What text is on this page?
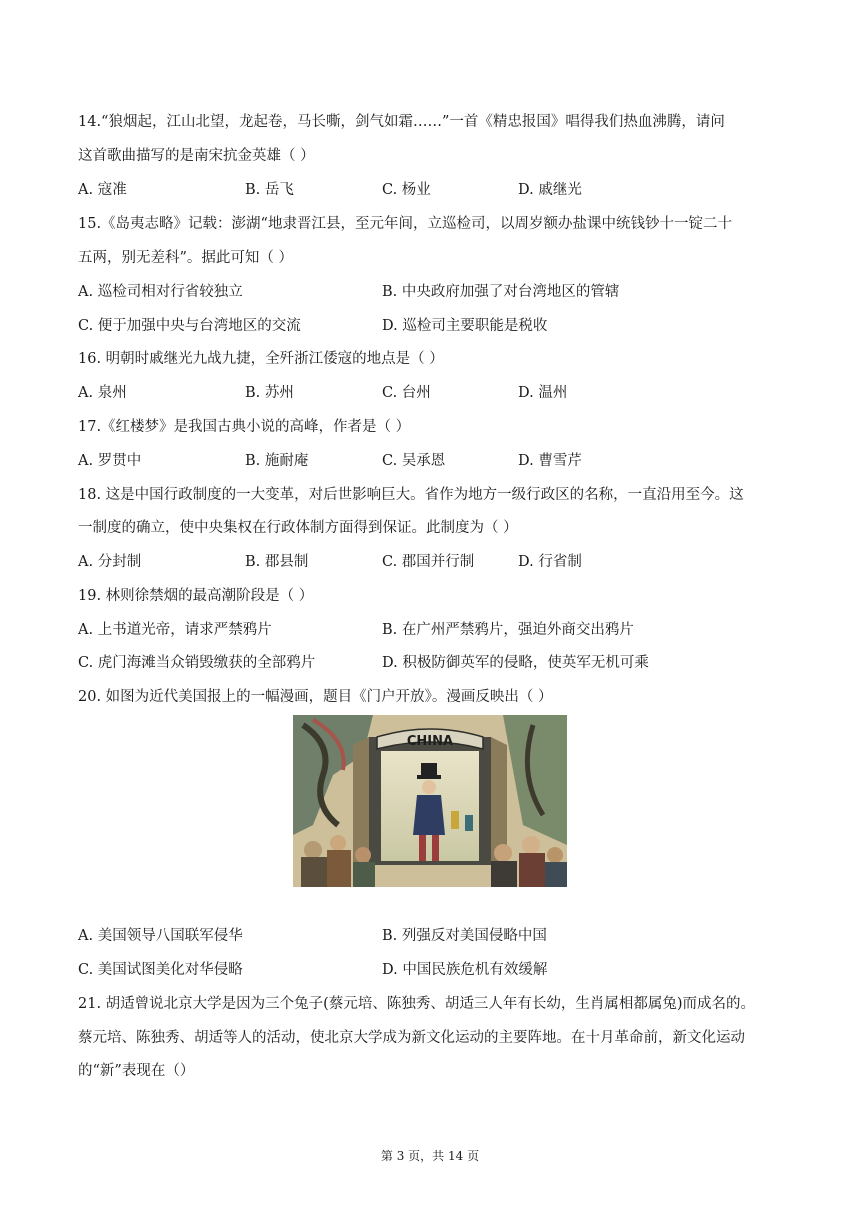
14.“狼烟起，江山北望，龙起卷，马长嘶，剑气如霜……”一首《精忠报国》唱得我们热血沸腾，请问
这首歌曲描写的是南宋抗金英雄（ ）
A. 寇准	B. 岳飞	C. 杨业	D. 戚继光
15.《岛夷志略》记载：澎湖“地隶晋江县，至元年间，立巡检司，以周岁额办盐课中统钱钞十一锭二十
五两，别无差科”。据此可知（ ）
A. 巡检司相对行省较独立	B. 中央政府加强了对台湾地区的管辖
C. 便于加强中央与台湾地区的交流	D. 巡检司主要职能是税收
16. 明朝时戚继光九战九捷，全歼浙江倭寇的地点是（ ）
A. 泉州	B. 苏州	C. 台州	D. 温州
17.《红楼梦》是我国古典小说的高峰，作者是（ ）
A. 罗贯中	B. 施耐庵	C. 吴承恩	D. 曹雪芹
18. 这是中国行政制度的一大变革，对后世影响巨大。省作为地方一级行政区的名称，一直沿用至今。这
一制度的确立，使中央集权在行政体制方面得到保证。此制度为（ ）
A. 分封制	B. 郡县制	C. 郡国并行制	D. 行省制
19. 林则徐禁烟的最高潮阶段是（ ）
A. 上书道光帝，请求严禁鸦片	B. 在广州严禁鸦片，强迫外商交出鸦片
C. 虎门海滩当众销毁缴获的全部鸦片	D. 积极防御英军的侵略，使英军无机可乘
20. 如图为近代美国报上的一幅漫画，题目《门户开放》。漫画反映出（ ）
CHINA
A. 美国领导八国联军侵华	B. 列强反对美国侵略中国
C. 美国试图美化对华侵略	D. 中国民族危机有效缓解
21. 胡适曾说北京大学是因为三个兔子(蔡元培、陈独秀、胡适三人年有长幼，生肖属相都属兔)而成名的。
蔡元培、陈独秀、胡适等人的活动，使北京大学成为新文化运动的主要阵地。在十月革命前，新文化运动
的“新”表现在（）
第 3 页，共 14 页
